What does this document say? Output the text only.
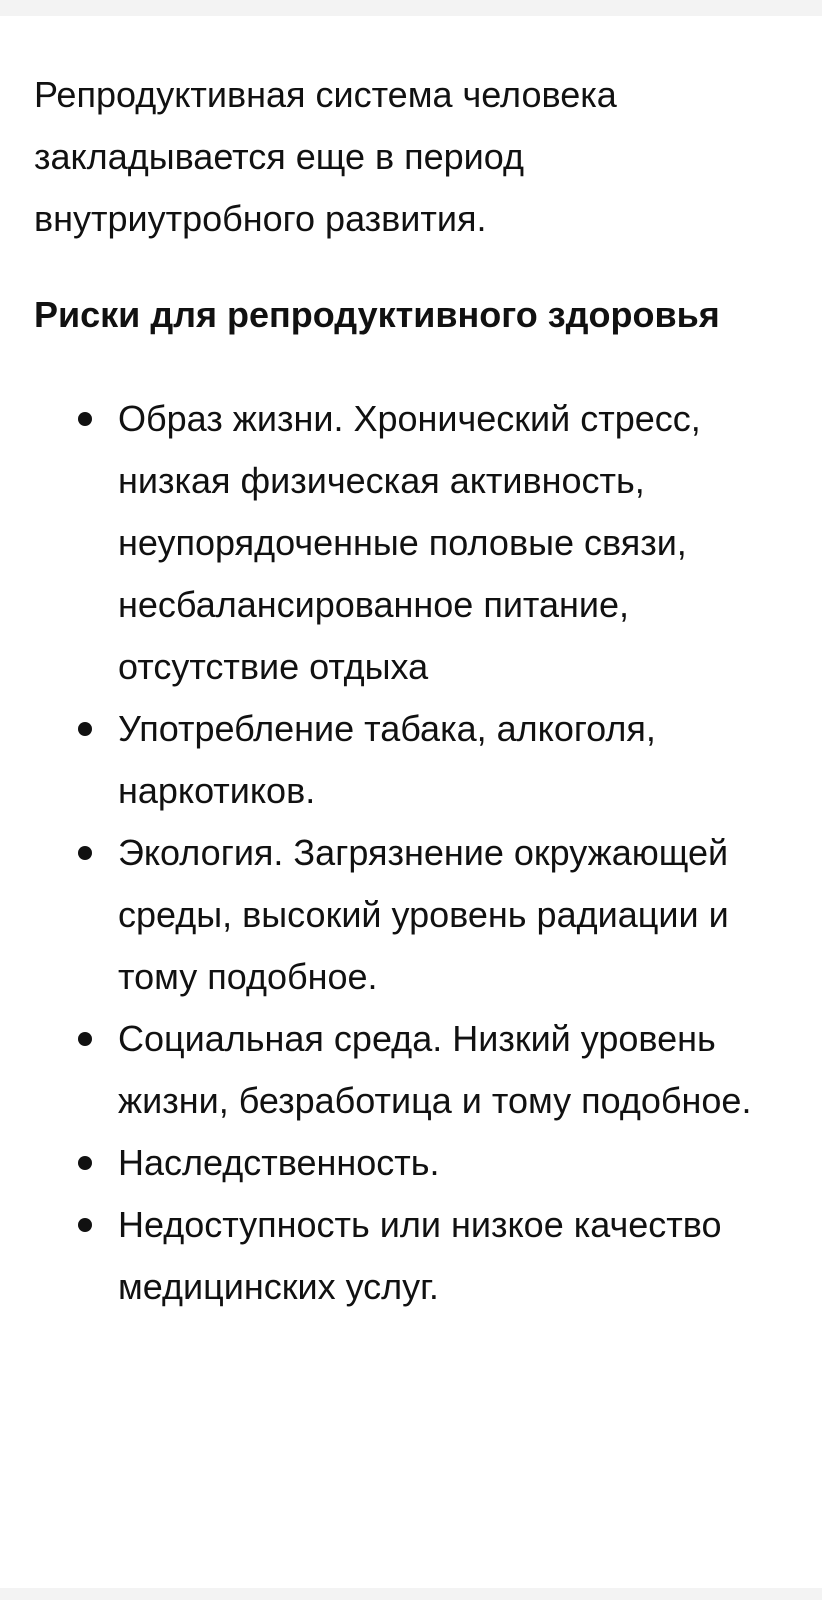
Репродуктивная система человека закладывается еще в период внутриутробного развития.

Риски для репродуктивного здоровья

Образ жизни. Хронический стресс, низкая физическая активность, неупорядоченные половые связи, несбалансированное питание, отсутствие отдыха
Употребление табака, алкоголя, наркотиков.
Экология. Загрязнение окружающей среды, высокий уровень радиации и тому подобное.
Социальная среда. Низкий уровень жизни, безработица и тому подобное.
Наследственность.
Недоступность или низкое качество медицинских услуг.
